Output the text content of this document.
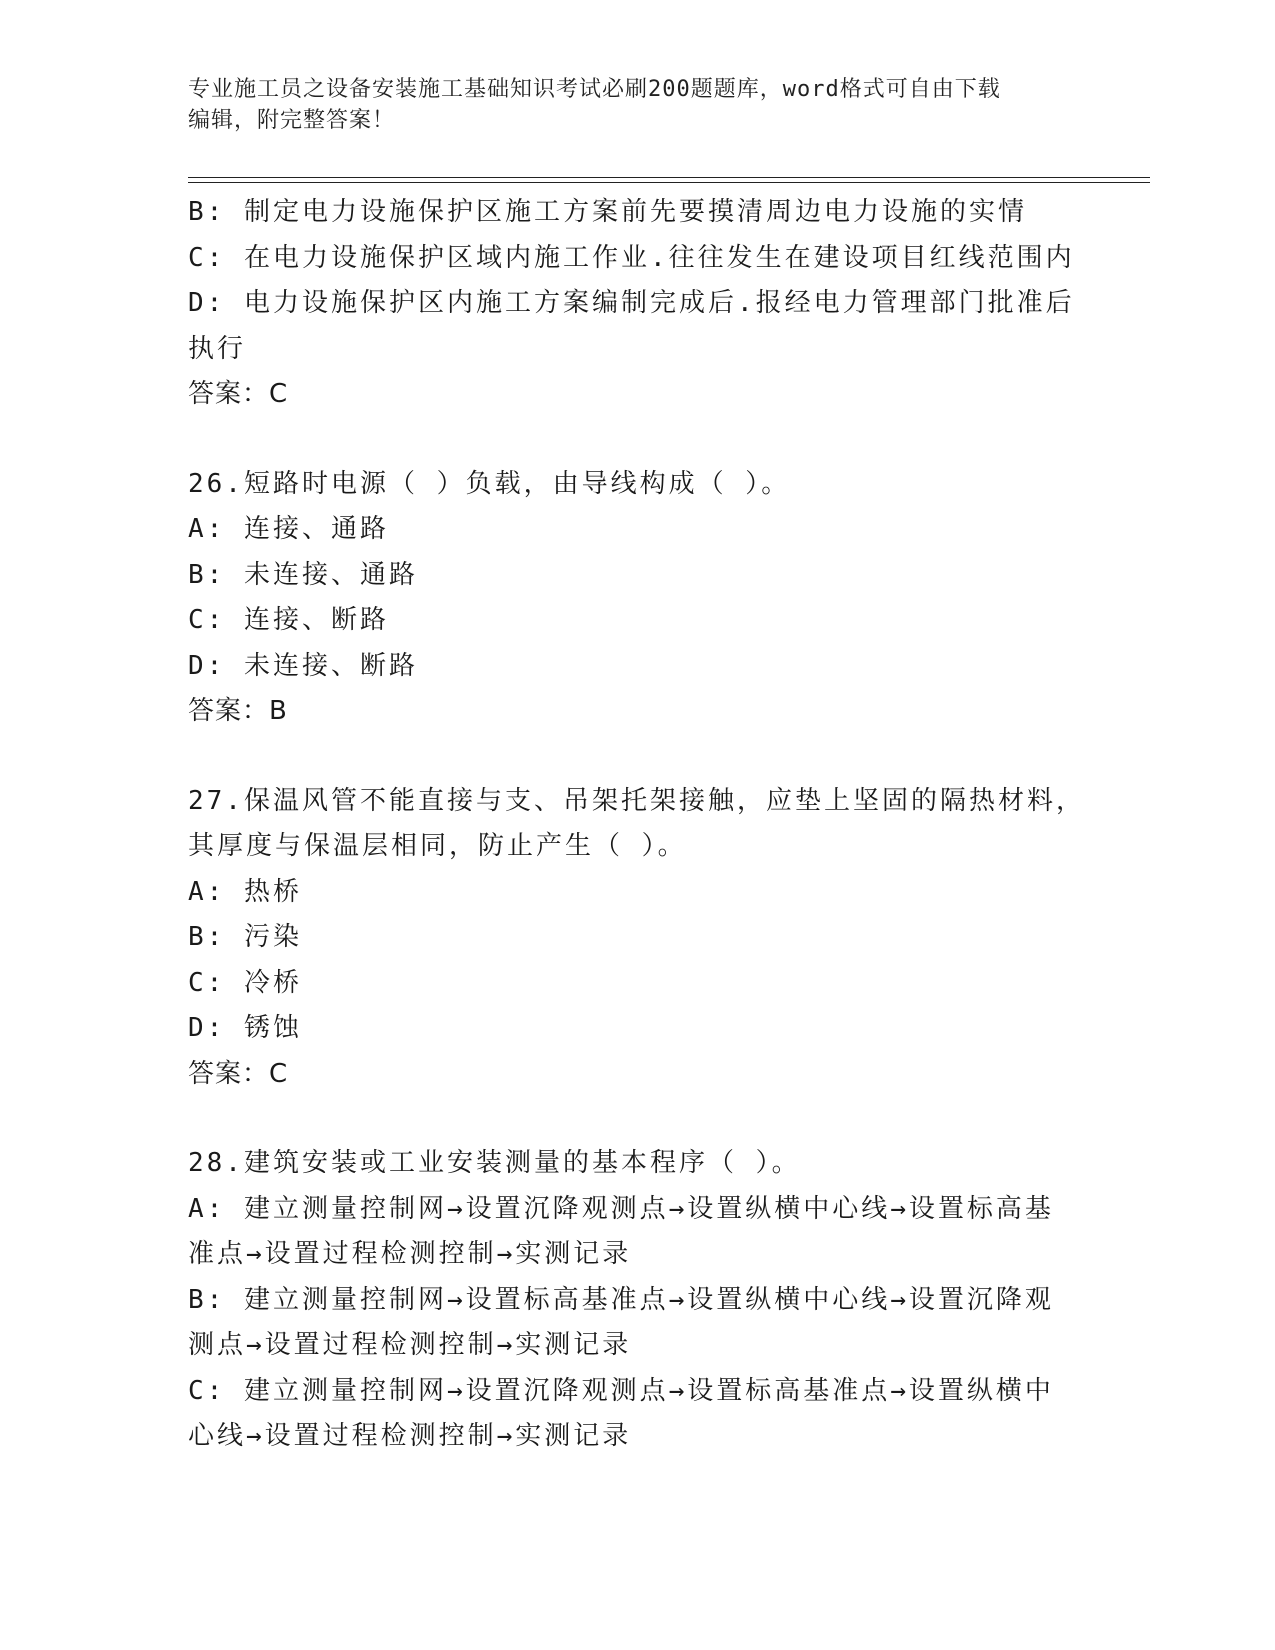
专业施工员之设备安装施工基础知识考试必刷200题题库，word格式可自由下载
编辑，附完整答案！
B: 制定电力设施保护区施工方案前先要摸清周边电力设施的实情
C: 在电力设施保护区域内施工作业.往往发生在建设项目红线范围内
D: 电力设施保护区内施工方案编制完成后.报经电力管理部门批准后
执行
答案：C
26.短路时电源（ ）负载，由导线构成（ ）。
A: 连接、通路
B: 未连接、通路
C: 连接、断路
D: 未连接、断路
答案：B
27.保温风管不能直接与支、吊架托架接触，应垫上坚固的隔热材料，
其厚度与保温层相同，防止产生（ ）。
A: 热桥
B: 污染
C: 冷桥
D: 锈蚀
答案：C
28.建筑安装或工业安装测量的基本程序（ ）。
A: 建立测量控制网→设置沉降观测点→设置纵横中心线→设置标高基
准点→设置过程检测控制→实测记录
B: 建立测量控制网→设置标高基准点→设置纵横中心线→设置沉降观
测点→设置过程检测控制→实测记录
C: 建立测量控制网→设置沉降观测点→设置标高基准点→设置纵横中
心线→设置过程检测控制→实测记录
